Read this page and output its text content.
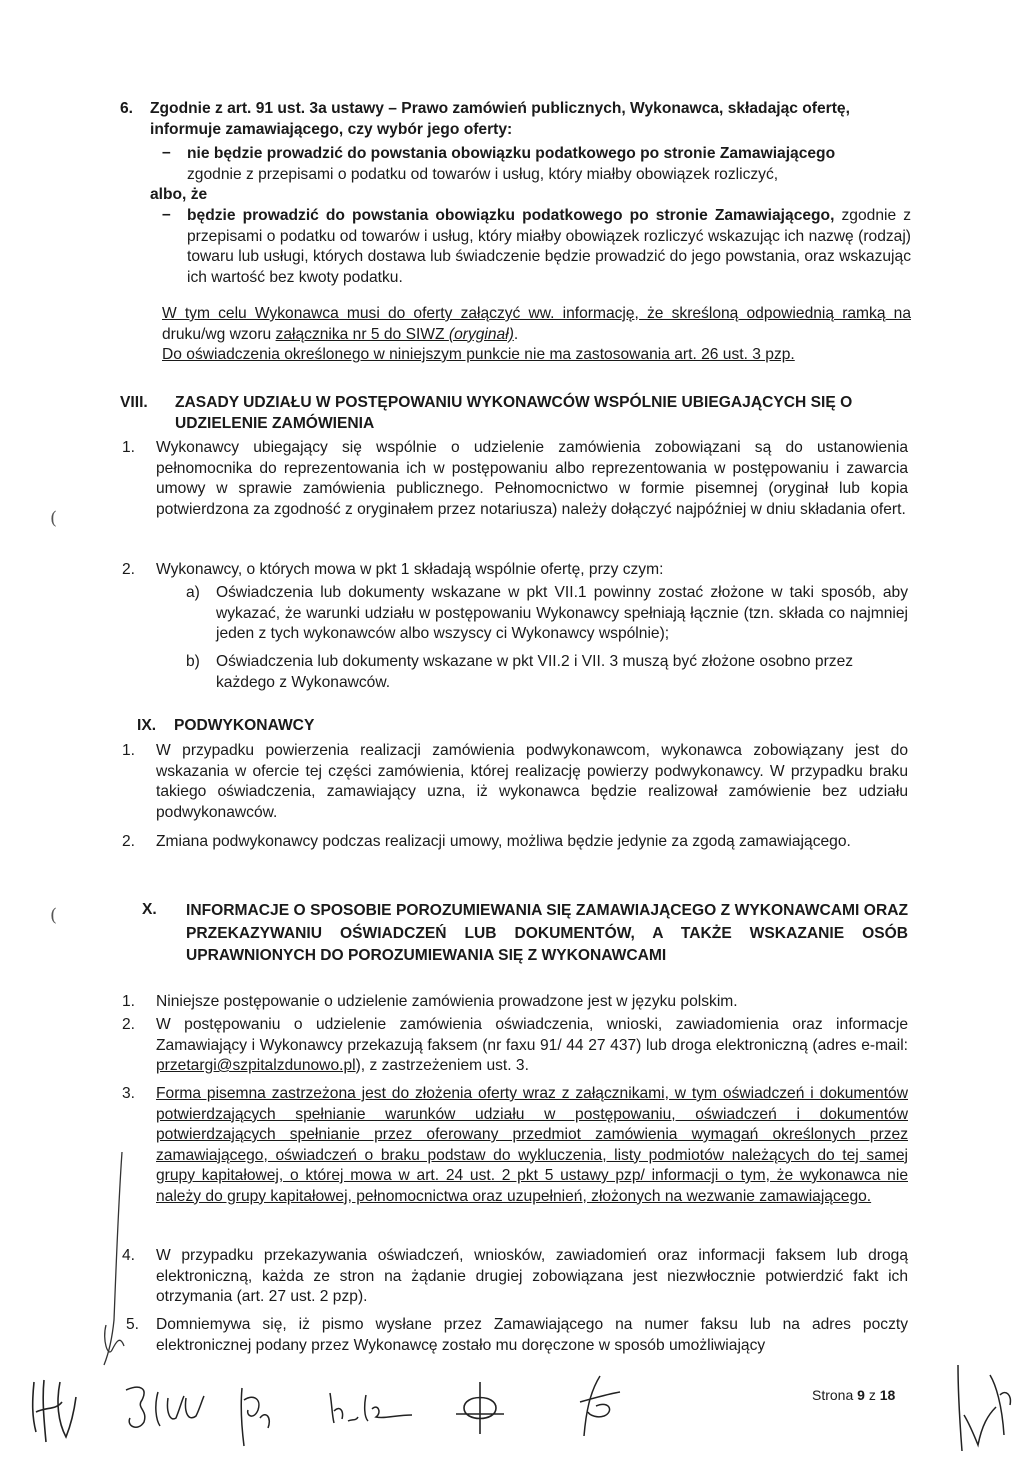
6. Zgodnie z art. 91 ust. 3a ustawy – Prawo zamówień publicznych, Wykonawca, składając ofertę, informuje zamawiającego, czy wybór jego oferty:
– nie będzie prowadzić do powstania obowiązku podatkowego po stronie Zamawiającego

zgodnie z przepisami o podatku od towarów i usług, który miałby obowiązek rozliczyć,

albo, że
– będzie prowadzić do powstania obowiązku podatkowego po stronie Zamawiającego, zgodnie z przepisami o podatku od towarów i usług, który miałby obowiązek rozliczyć wskazując ich nazwę (rodzaj) towaru lub usługi, których dostawa lub świadczenie będzie prowadzić do jego powstania, oraz wskazując ich wartość bez kwoty podatku.
W tym celu Wykonawca musi do oferty załączyć ww. informację, że skreśloną odpowiednią ramką na druku/wg wzoru załącznika nr 5 do SIWZ (oryginał).
Do oświadczenia określonego w niniejszym punkcie nie ma zastosowania art. 26 ust. 3 pzp.
VIII. ZASADY UDZIAŁU W POSTĘPOWANIU WYKONAWCÓW WSPÓLNIE UBIEGAJĄCYCH SIĘ O UDZIELENIE ZAMÓWIENIA
1. Wykonawcy ubiegający się wspólnie o udzielenie zamówienia zobowiązani są do ustanowienia pełnomocnika do reprezentowania ich w postępowaniu albo reprezentowania w postępowaniu i zawarcia umowy w sprawie zamówienia publicznego. Pełnomocnictwo w formie pisemnej (oryginał lub kopia potwierdzona za zgodność z oryginałem przez notariusza) należy dołączyć najpóźniej w dniu składania ofert.
2. Wykonawcy, o których mowa w pkt 1 składają wspólnie ofertę, przy czym:
a) Oświadczenia lub dokumenty wskazane w pkt VII.1 powinny zostać złożone w taki sposób, aby wykazać, że warunki udziału w postępowaniu Wykonawcy spełniają łącznie (tzn. składa co najmniej jeden z tych wykonawców albo wszyscy ci Wykonawcy wspólnie);
b) Oświadczenia lub dokumenty wskazane w pkt VII.2 i VII. 3 muszą być złożone osobno przez każdego z Wykonawców.
IX. PODWYKONAWCY
1. W przypadku powierzenia realizacji zamówienia podwykonawcom, wykonawca zobowiązany jest do wskazania w ofercie tej części zamówienia, której realizację powierzy podwykonawcy. W przypadku braku takiego oświadczenia, zamawiający uzna, iż wykonawca będzie realizował zamówienie bez udziału podwykonawców.
2. Zmiana podwykonawcy podczas realizacji umowy, możliwa będzie jedynie za zgodą zamawiającego.
X. INFORMACJE O SPOSOBIE POROZUMIEWANIA SIĘ ZAMAWIAJĄCEGO Z WYKONAWCAMI ORAZ PRZEKAZYWANIU OŚWIADCZEŃ LUB DOKUMENTÓW, A TAKŻE WSKAZANIE OSÓB UPRAWNIONYCH DO POROZUMIEWANIA SIĘ Z WYKONAWCAMI
1. Niniejsze postępowanie o udzielenie zamówienia prowadzone jest w języku polskim.
2. W postępowaniu o udzielenie zamówienia oświadczenia, wnioski, zawiadomienia oraz informacje Zamawiający i Wykonawcy przekazują faksem (nr faxu 91/ 44 27 437) lub droga elektroniczną (adres e-mail: przetargi@szpitalzdunowo.pl), z zastrzeżeniem ust. 3.
3. Forma pisemna zastrzeżona jest do złożenia oferty wraz z załącznikami, w tym oświadczeń i dokumentów potwierdzających spełnianie warunków udziału w postępowaniu, oświadczeń i dokumentów potwierdzających spełnianie przez oferowany przedmiot zamówienia wymagań określonych przez zamawiającego, oświadczeń o braku podstaw do wykluczenia, listy podmiotów należących do tej samej grupy kapitałowej, o której mowa w art. 24 ust. 2 pkt 5 ustawy pzp/ informacji o tym, że wykonawca nie należy do grupy kapitałowej, pełnomocnictwa oraz uzupełnień, złożonych na wezwanie zamawiającego.
4. W przypadku przekazywania oświadczeń, wniosków, zawiadomień oraz informacji faksem lub drogą elektroniczną, każda ze stron na żądanie drugiej zobowiązana jest niezwłocznie potwierdzić fakt ich otrzymania (art. 27 ust. 2 pzp).
5. Domniemywa się, iż pismo wysłane przez Zamawiającego na numer faksu lub na adres poczty elektronicznej podany przez Wykonawcę zostało mu doręczone w sposób umożliwiający
(
(
Strona 9 z 18
